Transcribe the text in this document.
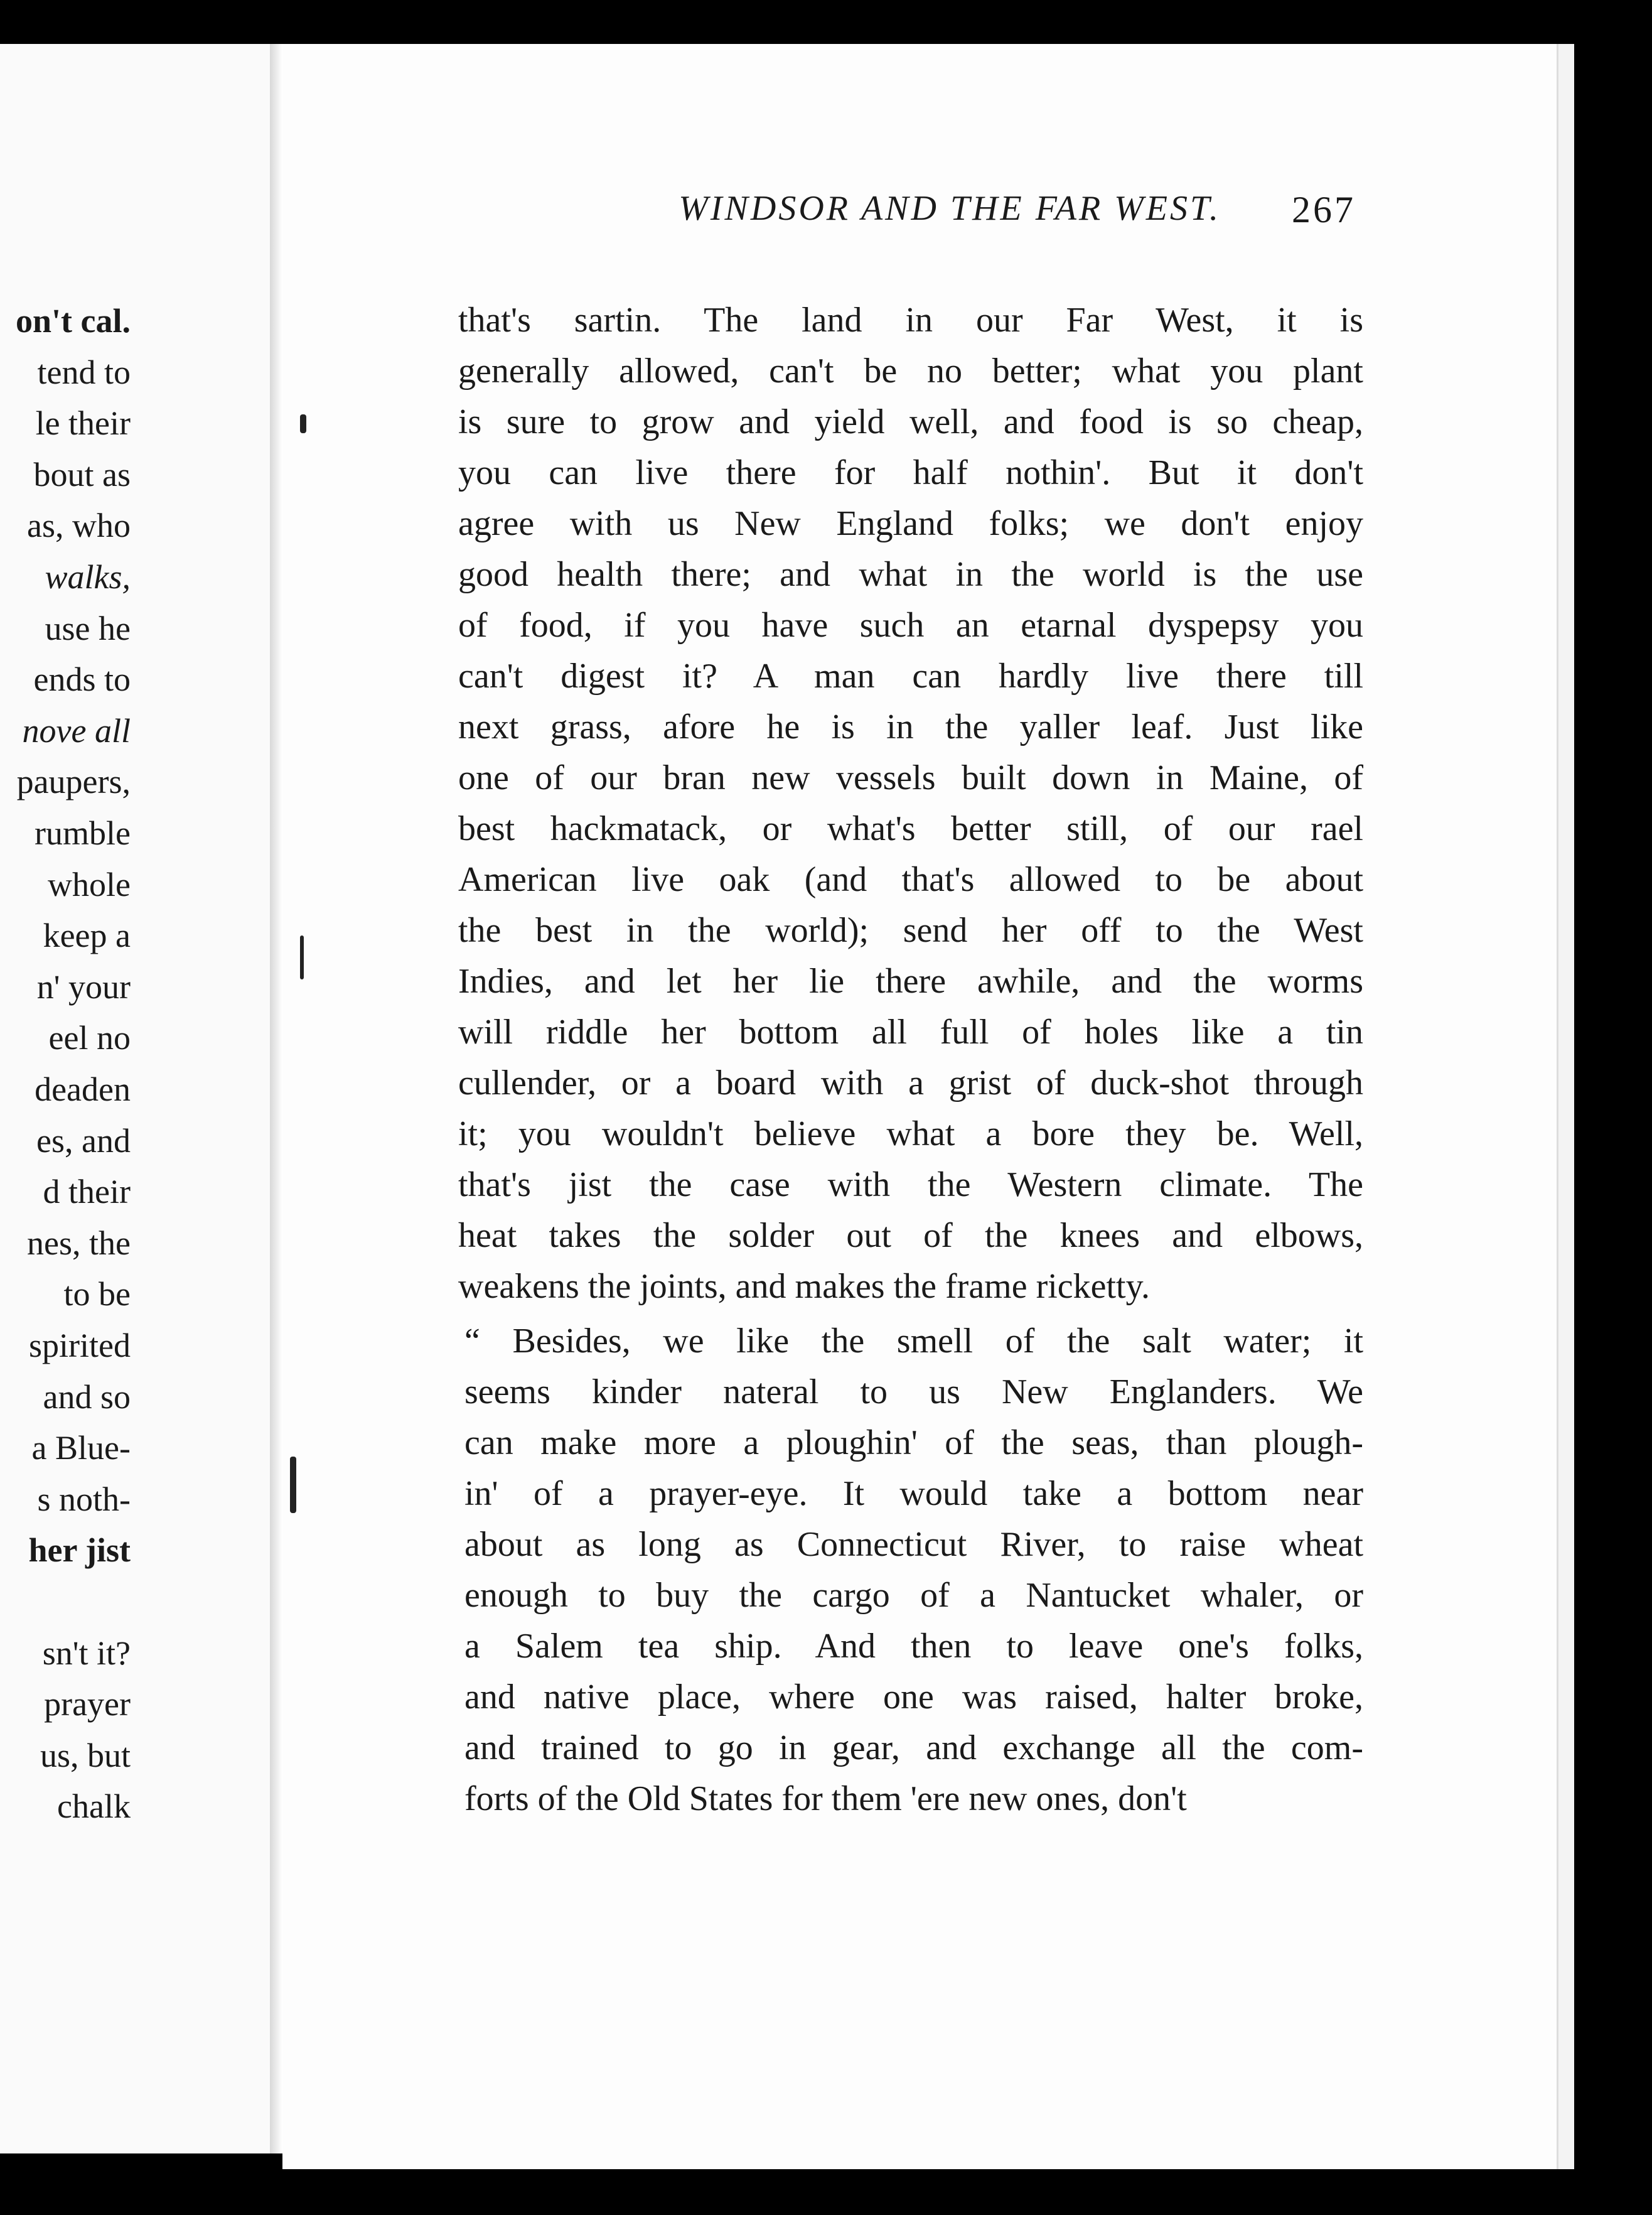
on't cal.
tend to
le their
bout as
as, who
walks,
use he
ends to
nove all
paupers,
rumble
whole
keep a
n' your
eel no
deaden
es, and
d their
nes, the
to be
spirited
and so
a Blue-
s noth-
her jist
sn't it?
prayer
us, but
chalk
WINDSOR AND THE FAR WEST. 267
that's sartin. The land in our Far West, it is
generally allowed, can't be no better; what you plant
is sure to grow and yield well, and food is so cheap,
you can live there for half nothin'. But it don't
agree with us New England folks; we don't enjoy
good health there; and what in the world is the use
of food, if you have such an etarnal dyspepsy you
can't digest it? A man can hardly live there till
next grass, afore he is in the yaller leaf. Just like
one of our bran new vessels built down in Maine, of
best hackmatack, or what's better still, of our rael
American live oak (and that's allowed to be about
the best in the world); send her off to the West
Indies, and let her lie there awhile, and the worms
will riddle her bottom all full of holes like a tin
cullender, or a board with a grist of duck-shot through
it; you wouldn't believe what a bore they be. Well,
that's jist the case with the Western climate. The
heat takes the solder out of the knees and elbows,
weakens the joints, and makes the frame ricketty.
“ Besides, we like the smell of the salt water; it
seems kinder nateral to us New Englanders. We
can make more a ploughin' of the seas, than plough-
in' of a prayer-eye. It would take a bottom near
about as long as Connecticut River, to raise wheat
enough to buy the cargo of a Nantucket whaler, or
a Salem tea ship. And then to leave one's folks,
and native place, where one was raised, halter broke,
and trained to go in gear, and exchange all the com-
forts of the Old States for them 'ere new ones, don't
